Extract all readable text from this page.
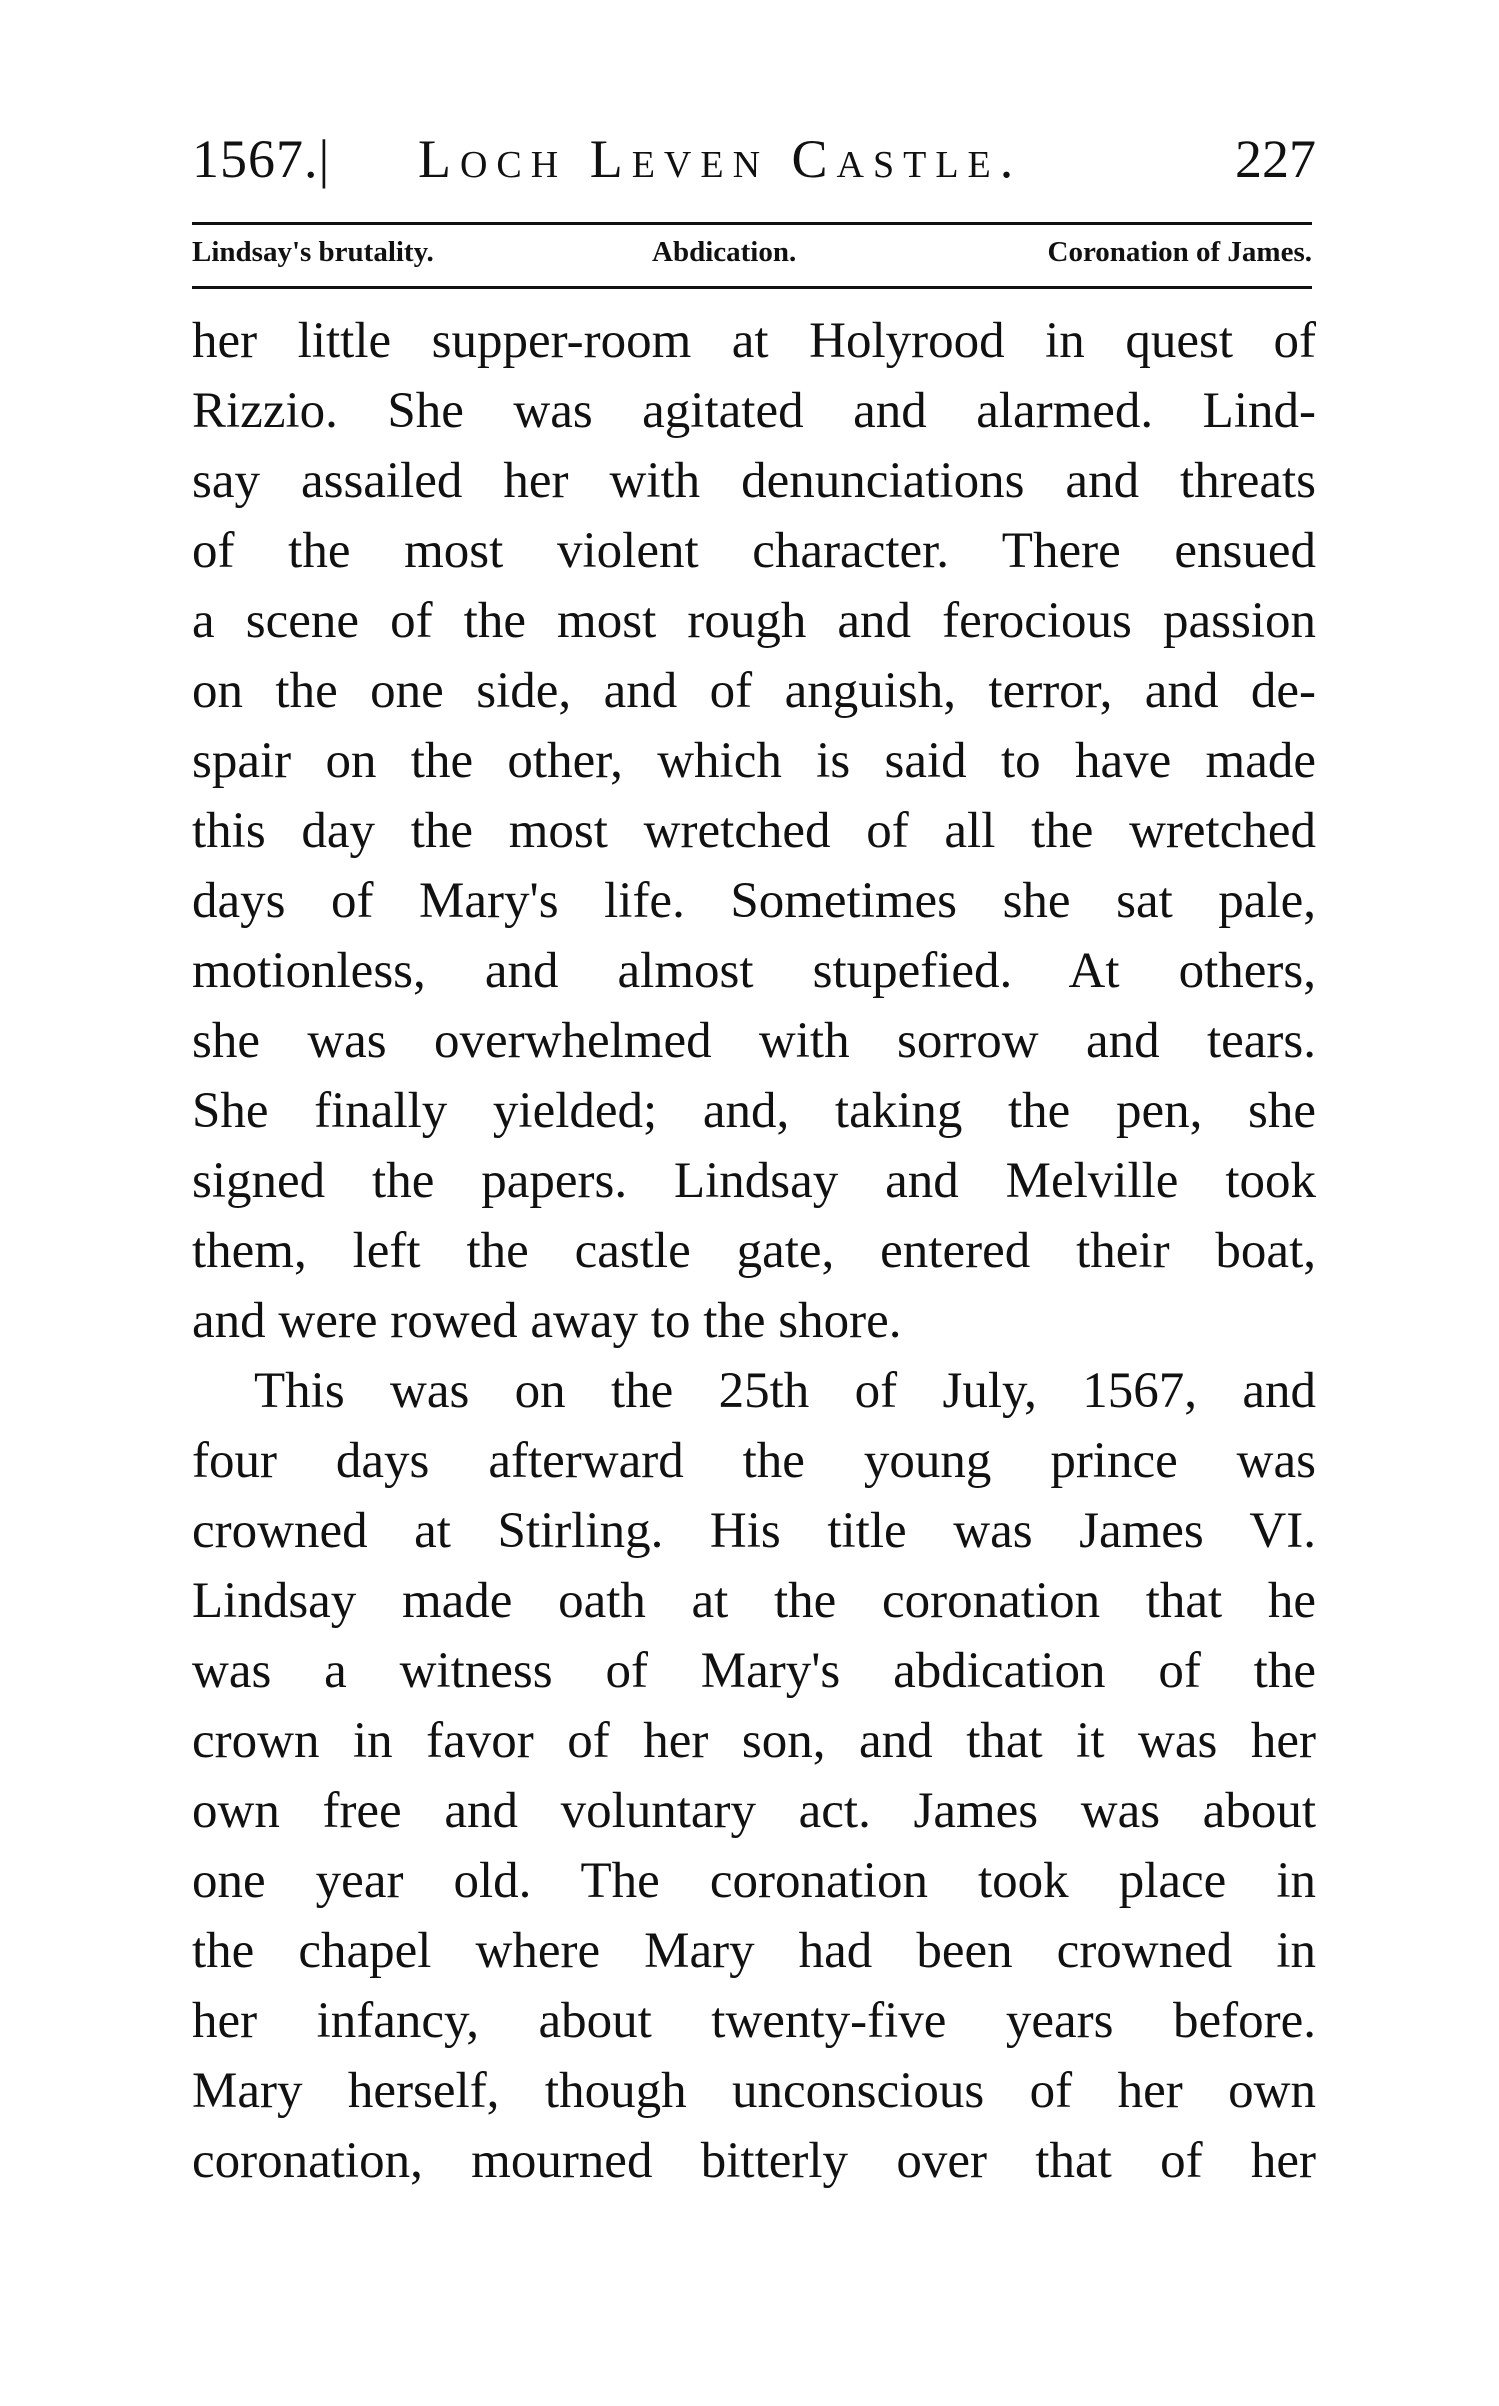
1567.| Loch Leven Castle.	227
Lindsay's brutality.	Abdication.	Coronation of James.
her little supper-room at Holyrood in quest of
Rizzio. She was agitated and alarmed. Lind-
say assailed her with denunciations and threats
of the most violent character. There ensued
a scene of the most rough and ferocious passion
on the one side, and of anguish, terror, and de-
spair on the other, which is said to have made
this day the most wretched of all the wretched
days of Mary's life. Sometimes she sat pale,
motionless, and almost stupefied. At others,
she was overwhelmed with sorrow and tears.
She finally yielded; and, taking the pen, she
signed the papers. Lindsay and Melville took
them, left the castle gate, entered their boat,
and were rowed away to the shore.
This was on the 25th of July, 1567, and
four days afterward the young prince was
crowned at Stirling. His title was James VI.
Lindsay made oath at the coronation that he
was a witness of Mary's abdication of the
crown in favor of her son, and that it was her
own free and voluntary act. James was about
one year old. The coronation took place in
the chapel where Mary had been crowned in
her infancy, about twenty-five years before.
Mary herself, though unconscious of her own
coronation, mourned bitterly over that of her
